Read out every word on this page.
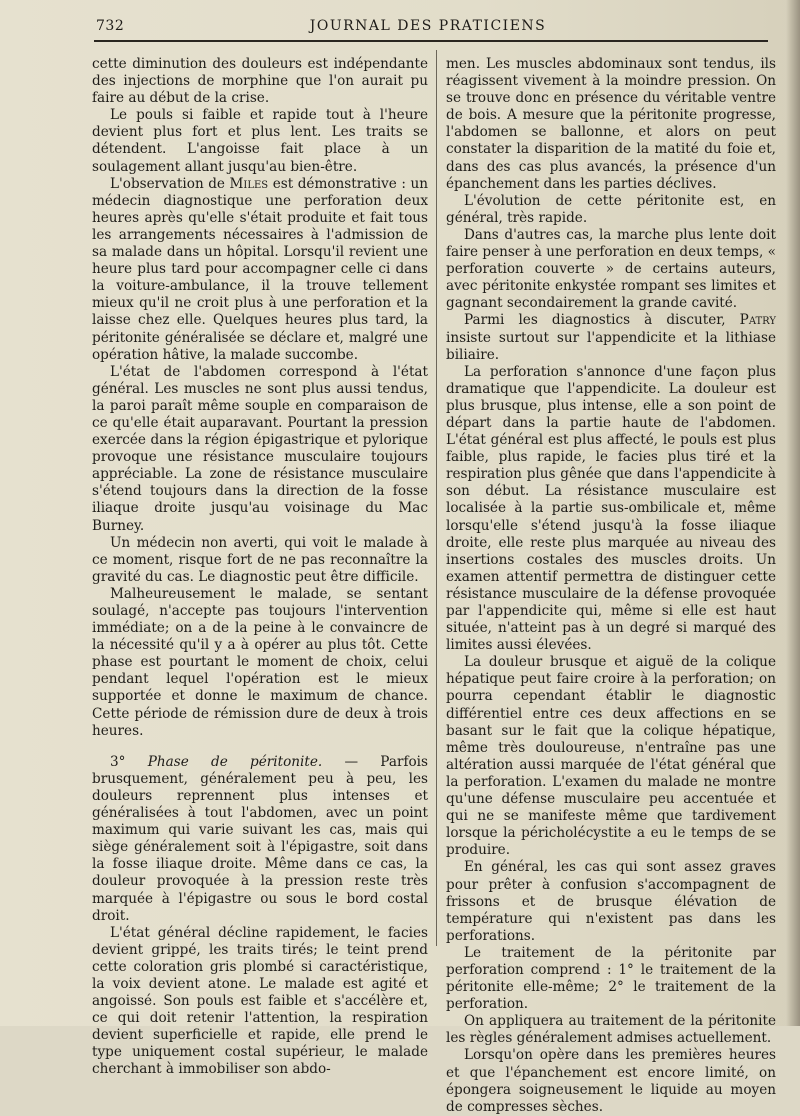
732	JOURNAL DES PRATICIENS

cette diminution des douleurs est indépendante des injections de morphine que l'on aurait pu faire au début de la crise.

Le pouls si faible et rapide tout à l'heure devient plus fort et plus lent. Les traits se détendent. L'angoisse fait place à un soulagement allant jusqu'au bien-être.

L'observation de Miles est démonstrative : un médecin diagnostique une perforation deux heures après qu'elle s'était produite et fait tous les arrangements nécessaires à l'admission de sa malade dans un hôpital. Lorsqu'il revient une heure plus tard pour accompagner celle ci dans la voiture-ambulance, il la trouve tellement mieux qu'il ne croit plus à une perforation et la laisse chez elle. Quelques heures plus tard, la péritonite généralisée se déclare et, malgré une opération hâtive, la malade succombe.

L'état de l'abdomen correspond à l'état général. Les muscles ne sont plus aussi tendus, la paroi paraît même souple en comparaison de ce qu'elle était auparavant. Pourtant la pression exercée dans la région épigastrique et pylorique provoque une résistance musculaire toujours appréciable. La zone de résistance musculaire s'étend toujours dans la direction de la fosse iliaque droite jusqu'au voisinage du Mac Burney.

Un médecin non averti, qui voit le malade à ce moment, risque fort de ne pas reconnaître la gravité du cas. Le diagnostic peut être difficile.

Malheureusement le malade, se sentant soulagé, n'accepte pas toujours l'intervention immédiate; on a de la peine à le convaincre de la nécessité qu'il y a à opérer au plus tôt. Cette phase est pourtant le moment de choix, celui pendant lequel l'opération est le mieux supportée et donne le maximum de chance. Cette période de rémission dure de deux à trois heures.

3° Phase de péritonite. — Parfois brusquement, généralement peu à peu, les douleurs reprennent plus intenses et généralisées à tout l'abdomen, avec un point maximum qui varie suivant les cas, mais qui siège généralement soit à l'épigastre, soit dans la fosse iliaque droite. Même dans ce cas, la douleur provoquée à la pression reste très marquée à l'épigastre ou sous le bord costal droit.

L'état général décline rapidement, le facies devient grippé, les traits tirés; le teint prend cette coloration gris plombé si caractéristique, la voix devient atone. Le malade est agité et angoissé. Son pouls est faible et s'accélère et, ce qui doit retenir l'attention, la respiration devient superficielle et rapide, elle prend le type uniquement costal supérieur, le malade cherchant à immobiliser son abdo-

men. Les muscles abdominaux sont tendus, ils réagissent vivement à la moindre pression. On se trouve donc en présence du véritable ventre de bois. A mesure que la péritonite progresse, l'abdomen se ballonne, et alors on peut constater la disparition de la matité du foie et, dans des cas plus avancés, la présence d'un épanchement dans les parties déclives.

L'évolution de cette péritonite est, en général, très rapide.

Dans d'autres cas, la marche plus lente doit faire penser à une perforation en deux temps, « perforation couverte » de certains auteurs, avec péritonite enkystée rompant ses limites et gagnant secondairement la grande cavité.

Parmi les diagnostics à discuter, Patry insiste surtout sur l'appendicite et la lithiase biliaire.

La perforation s'annonce d'une façon plus dramatique que l'appendicite. La douleur est plus brusque, plus intense, elle a son point de départ dans la partie haute de l'abdomen. L'état général est plus affecté, le pouls est plus faible, plus rapide, le facies plus tiré et la respiration plus gênée que dans l'appendicite à son début. La résistance musculaire est localisée à la partie sus-ombilicale et, même lorsqu'elle s'étend jusqu'à la fosse iliaque droite, elle reste plus marquée au niveau des insertions costales des muscles droits. Un examen attentif permettra de distinguer cette résistance musculaire de la défense provoquée par l'appendicite qui, même si elle est haut située, n'atteint pas à un degré si marqué des limites aussi élevées.

La douleur brusque et aiguë de la colique hépatique peut faire croire à la perforation; on pourra cependant établir le diagnostic différentiel entre ces deux affections en se basant sur le fait que la colique hépatique, même très douloureuse, n'entraîne pas une altération aussi marquée de l'état général que la perforation. L'examen du malade ne montre qu'une défense musculaire peu accentuée et qui ne se manifeste même que tardivement lorsque la péricholécystite a eu le temps de se produire.

En général, les cas qui sont assez graves pour prêter à confusion s'accompagnent de frissons et de brusque élévation de température qui n'existent pas dans les perforations.

Le traitement de la péritonite par perforation comprend : 1° le traitement de la péritonite elle-même; 2° le traitement de la perforation.

On appliquera au traitement de la péritonite les règles généralement admises actuellement.

Lorsqu'on opère dans les premières heures et que l'épanchement est encore limité, on épongera soigneusement le liquide au moyen de compresses sèches.
